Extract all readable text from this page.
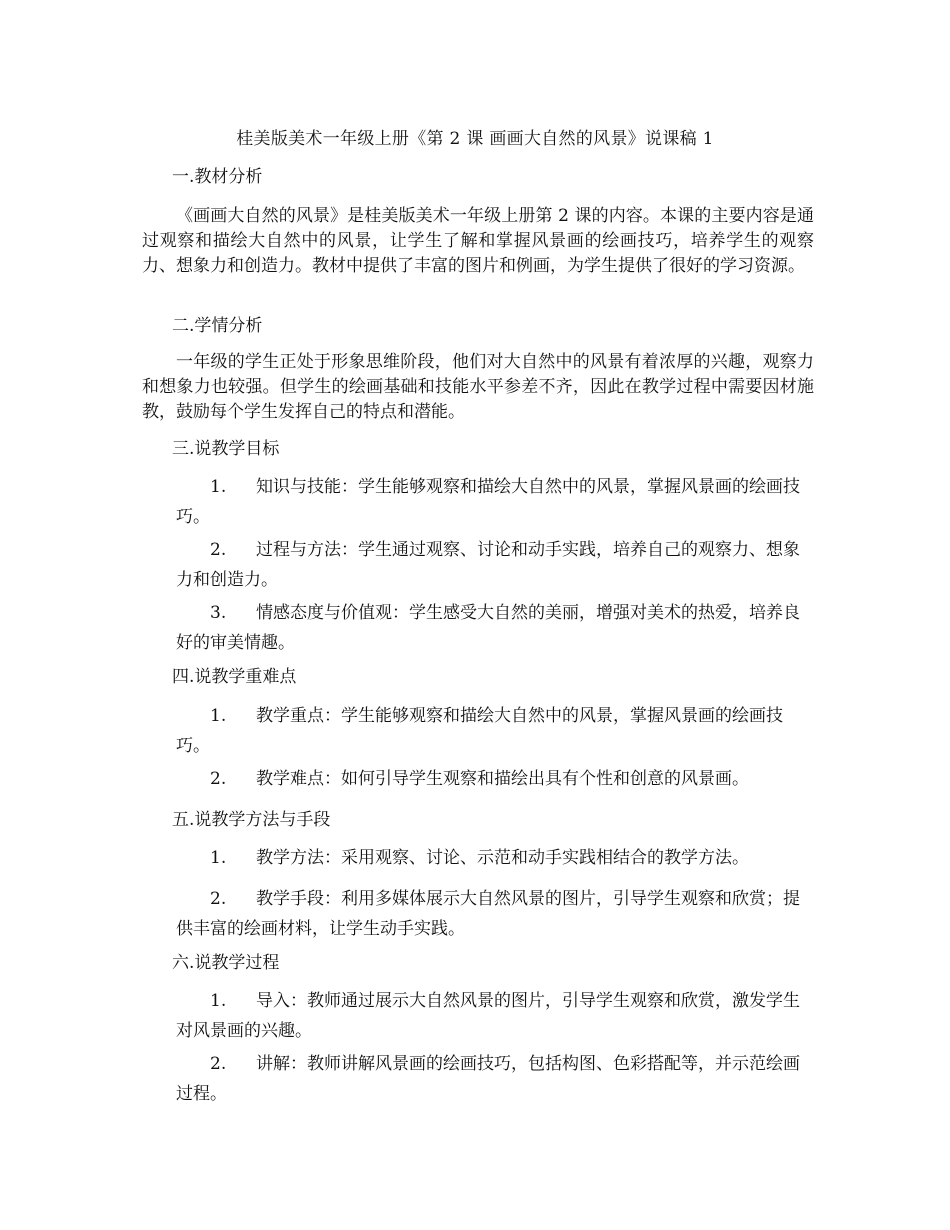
桂美版美术一年级上册《第 2 课 画画大自然的风景》说课稿 1
一.教材分析
《画画大自然的风景》是桂美版美术一年级上册第 2 课的内容。本课的主要内容是通过观察和描绘大自然中的风景，让学生了解和掌握风景画的绘画技巧，培养学生的观察力、想象力和创造力。教材中提供了丰富的图片和例画，为学生提供了很好的学习资源。
二.学情分析
一年级的学生正处于形象思维阶段，他们对大自然中的风景有着浓厚的兴趣，观察力和想象力也较强。但学生的绘画基础和技能水平参差不齐，因此在教学过程中需要因材施教，鼓励每个学生发挥自己的特点和潜能。
三.说教学目标
1. 知识与技能：学生能够观察和描绘大自然中的风景，掌握风景画的绘画技巧。
2. 过程与方法：学生通过观察、讨论和动手实践，培养自己的观察力、想象力和创造力。
3. 情感态度与价值观：学生感受大自然的美丽，增强对美术的热爱，培养良好的审美情趣。
四.说教学重难点
1. 教学重点：学生能够观察和描绘大自然中的风景，掌握风景画的绘画技巧。
2. 教学难点：如何引导学生观察和描绘出具有个性和创意的风景画。
五.说教学方法与手段
1. 教学方法：采用观察、讨论、示范和动手实践相结合的教学方法。
2. 教学手段：利用多媒体展示大自然风景的图片，引导学生观察和欣赏；提供丰富的绘画材料，让学生动手实践。
六.说教学过程
1. 导入：教师通过展示大自然风景的图片，引导学生观察和欣赏，激发学生对风景画的兴趣。
2. 讲解：教师讲解风景画的绘画技巧，包括构图、色彩搭配等，并示范绘画过程。
